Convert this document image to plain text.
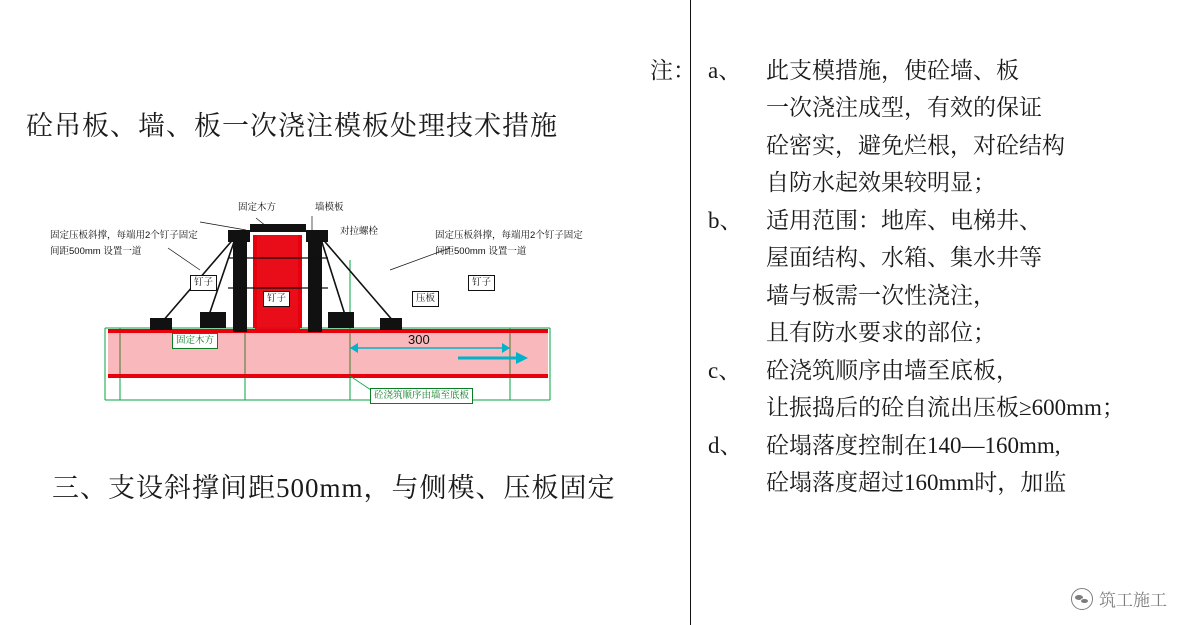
砼吊板、墙、板一次浇注模板处理技术措施
固定木方	墙模板
对拉螺栓
固定压板斜撑，每端用2个钉子固定
间距500mm 设置一道
固定压板斜撑，每端用2个钉子固定
间距500mm 设置一道
钉子
钉子
钉子
压板
固定木方	300
砼浇筑顺序由墙至底板
三、支设斜撑间距500mm，与侧模、压板固定
注： a、	此支模措施，使砼墙、板
一次浇注成型，有效的保证
砼密实，避免烂根，对砼结构
自防水起效果较明显；
b、	适用范围：地库、电梯井、
屋面结构、水箱、集水井等
墙与板需一次性浇注，
且有防水要求的部位；
c、	砼浇筑顺序由墙至底板，
让振捣后的砼自流出压板≥600mm；
d、	砼塌落度控制在140—160mm,
砼塌落度超过160mm时，加监
筑工施工
